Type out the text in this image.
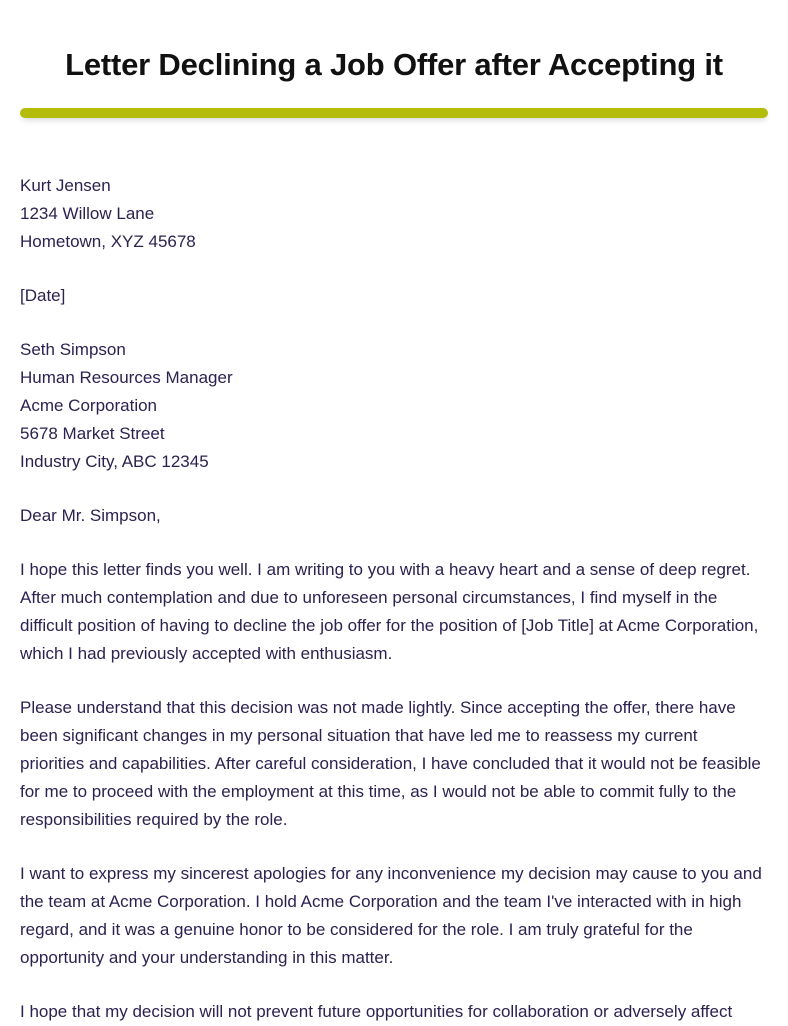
Letter Declining a Job Offer after Accepting it

Kurt Jensen

1234 Willow Lane

Hometown, XYZ 45678

[Date]

Seth Simpson

Human Resources Manager

Acme Corporation

5678 Market Street

Industry City, ABC 12345

Dear Mr. Simpson,

I hope this letter finds you well. I am writing to you with a heavy heart and a sense of deep regret. After much contemplation and due to unforeseen personal circumstances, I find myself in the difficult position of having to decline the job offer for the position of [Job Title] at Acme Corporation, which I had previously accepted with enthusiasm.

Please understand that this decision was not made lightly. Since accepting the offer, there have been significant changes in my personal situation that have led me to reassess my current priorities and capabilities. After careful consideration, I have concluded that it would not be feasible for me to proceed with the employment at this time, as I would not be able to commit fully to the responsibilities required by the role.

I want to express my sincerest apologies for any inconvenience my decision may cause to you and the team at Acme Corporation. I hold Acme Corporation and the team I've interacted with in high regard, and it was a genuine honor to be considered for the role. I am truly grateful for the opportunity and your understanding in this matter.

I hope that my decision will not prevent future opportunities for collaboration or adversely affect
